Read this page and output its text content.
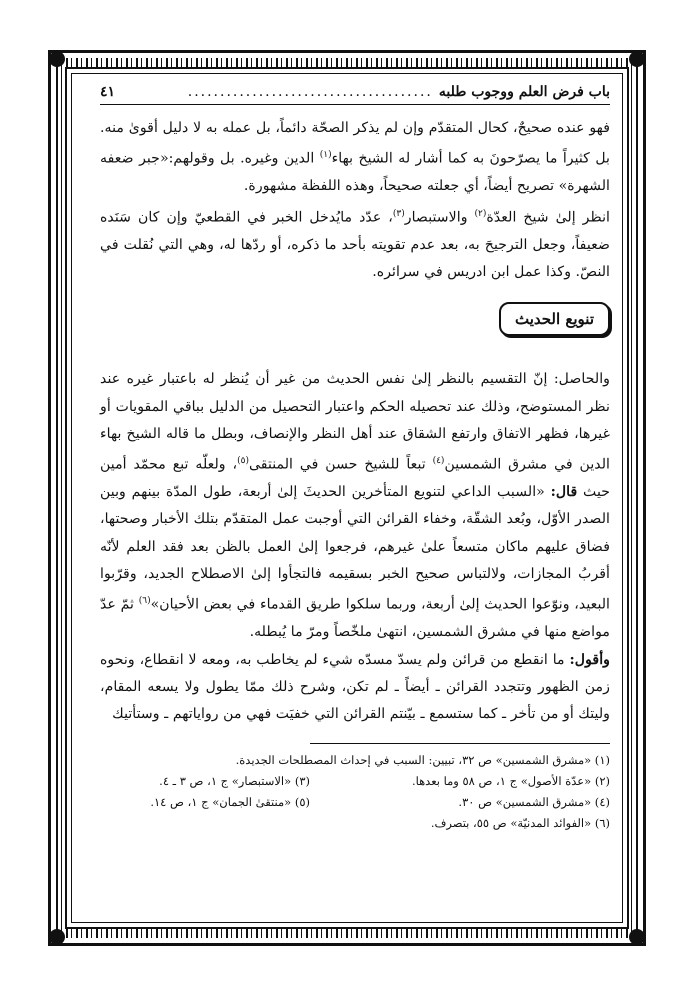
باب فرض العلم ووجوب طلبه
......................................
٤١

فهو عنده صحيحٌ، كحال المتقدّم وإن لم يذكر الصحّة دائماً، بل عمله به لا دليل أقوىٰ منه. بل كثيراً ما يصرّحونَ به كما أشار له الشيخ بهاء$^{(١)}$ الدين وغيره. بل وقولهم:«جبر ضعفه الشهرة» تصريح أيضاً، أي جعلته صحيحاً، وهذه اللفظة مشهورة.

انظر إلىٰ شيخ العدّة$^{(٢)}$ والاستبصار$^{(٣)}$، عدّد مايُدخل الخبر في القطعيّ وإن كان سَنَده ضعيفاً، وجعل الترجيحَ به، بعد عدم تقويته بأحد ما ذكره، أو ردّها له، وهي التي نُقلت في النصّ. وكذا عمل ابن ادريس في سرائره.

تنويع الحديث

والحاصل: إنّ التقسيم بالنظر إلىٰ نفس الحديث من غير أن يُنظر له باعتبار غيره عند نظر المستوضح، وذلك عند تحصيله الحكم واعتبار التحصيل من الدليل بباقي المقويات أو غيرها، فظهر الاتفاق وارتفع الشقاق عند أهل النظر والإنصاف، وبطل ما قاله الشيخ بهاء الدين في مشرق الشمسين$^{(٤)}$ تبعاً للشيخ حسن في المنتقى$^{(٥)}$، ولعلّه تبع محمّد أمين حيث قال: «السبب الداعي لتنويع المتأخرين الحديثَ إلىٰ أربعة، طول المدّة بينهم وبين الصدر الأوّل، وبُعد الشقّة، وخفاء القرائن التي أوجبت عمل المتقدّم بتلك الأخبار وصحتها، فضاق عليهم ماكان متسعاً علىٰ غيرهم، فرجعوا إلىٰ العمل بالظن بعد فقد العلم لأنّه أقربُ المجازات، ولالتباس صحيح الخبر بسقيمه فالتجأوا إلىٰ الاصطلاح الجديد، وقرّبوا البعيد، ونوّعوا الحديث إلىٰ أربعة، وربما سلكوا طريق القدماء في بعض الأحيان»$^{(٦)}$ ثمّ عدّ مواضع منها في مشرق الشمسين، انتهىٰ ملخّصاً ومرّ ما يُبطله.

وأقول: ما انقطع من قرائن ولم يسدّ مسدّه شيء لم يخاطب به، ومعه لا انقطاع، ونحوه زمن الظهور وتتجدد القرائن ـ أيضاً ـ لم تكن، وشرح ذلك ممّا يطول ولا يسعه المقام، وليتك أو من تأخر ـ كما ستسمع ـ بيّنتم القرائن التي خفيَت فهي من رواياتهم ـ وستأتيك

(١) «مشرق الشمسين» ص ٣٢، تبيين: السبب في إحداث المصطلحات الجديدة.
(٢) «عدّة الأصول» ج ١، ص ٥٨ وما بعدها.
(٣) «الاستبصار» ج ١، ص ٣ ـ ٤.
(٤) «مشرق الشمسين» ص ٣٠.
(٥) «منتقىٰ الجمان» ج ١، ص ١٤.
(٦) «الفوائد المدنيّة» ص ٥٥، بتصرف.
